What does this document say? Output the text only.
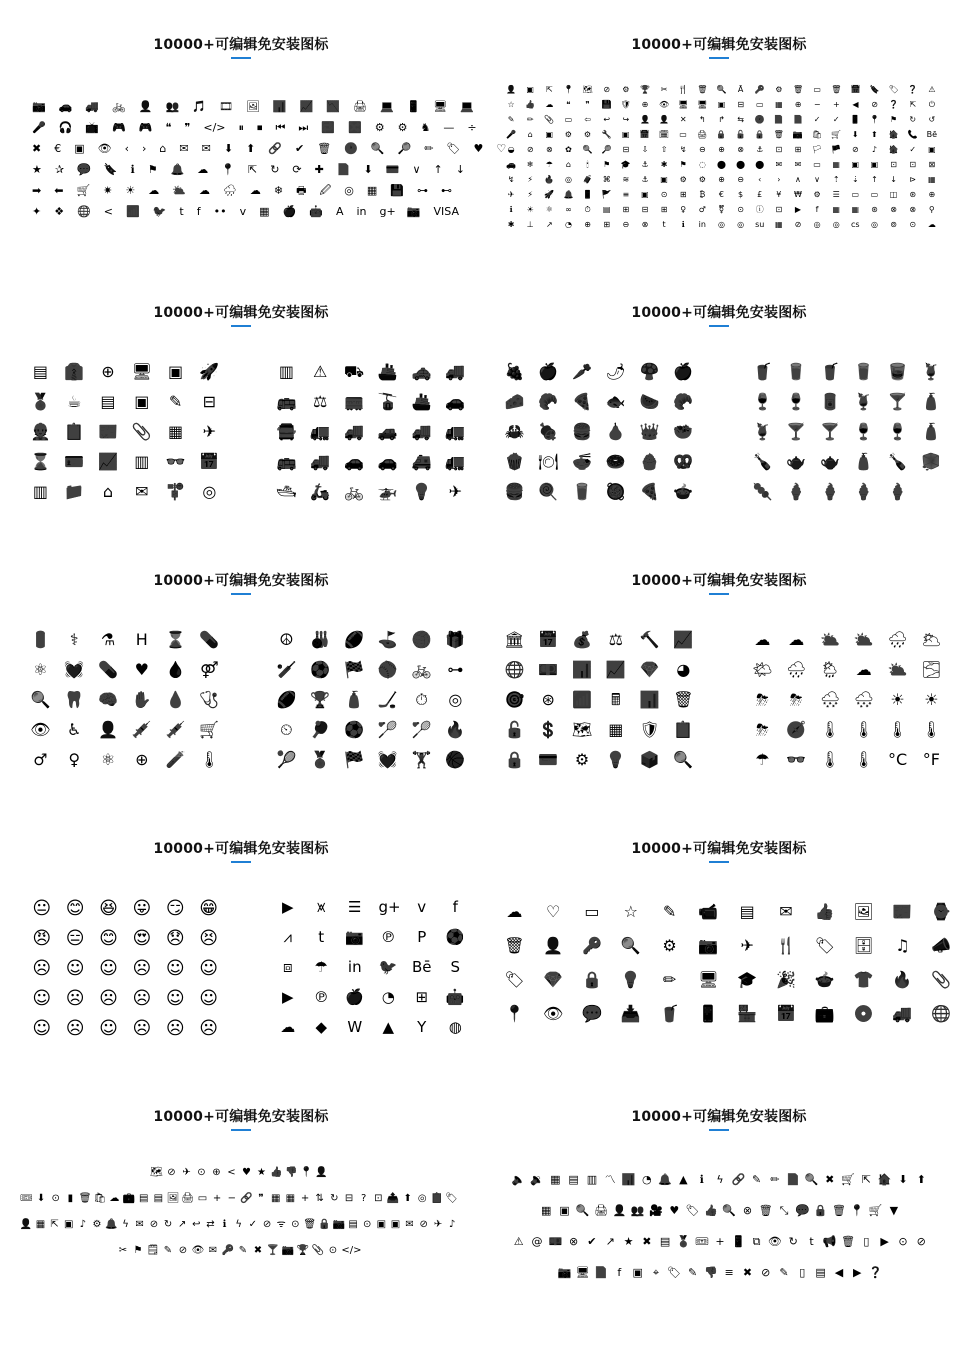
10000+可编辑免安装图标
📷 🚗 🚚 🚲 👤 👥 🎵 🎞 🖼 📊 📈 📉 🖨 💻 📱 🖥 💻
🎤 🎧 📺 🎮 🎮 ❝ ❞ </> ⏸ ⏹ ⏮ ⏭ 🔁 🔀 ⚙ ⚙ ♞ — ÷
✖ € ▣ 👁 ‹ › ⌂ ✉ ✉ ⬇ ⬆ 🔗 ✔ 🗑 🕐 🔍 🔎 ✏ 🏷 ♥ ♡
★ ✰ 💬 🔖 ℹ ⚑ 🔔 ☁ 📍 ⇱ ↻ ⟳ ✚ 📄 ⬇ 💳 ∨ ↑ ↓
➡ ⬅ 🛒 ✷ ☀ ☁ ⛅ ☁ 🌧 ☁ ❄ 🖶 🖉 ◎ ▦ 💾 ⊶ ⊷
✦ ❖ 🌐 < 📶 🐦 t f •• v ▦ 🍎 🤖 A in g+ 📷 VISA
10000+可编辑免安装图标
👤 ▣ ⇱ 📍 🗺 ⊘ ⚙ 🏆 ✂ 🍴 🗑 🔍 Ā 🔑 ⚙ 🗑 ▭ 🗑 📅 🔖 🏷 ❓ ⚠
☆ 👍 ☁	❝	❞	💾 🛡 ⊕ 👁 🖥 🖥 ▣ ⊟ ▭ ▦ ⊕ − + ◀ ⊘ ❓ ⇱ ⏻
✎ ✏ 📎 ▭ ⇦ ↩ ↪ 👤 👤 ✕ ↰ ↱ ⇆ 🕐 📄 📄 ✓ ✓ 📱 📍 ⚑ ↻ ↺
🎤	⌂	▣ ⚙ ⚙ 🔧 ▣ 📅 🗓 ▭ 🖨 🔒 🔓 🔒 🗑 📷 🛍 🛒 ⬇ ⬆ 🏠 📞 Bē
◒ ⊘ ⊗ ✿ 🔍 🔎 ⊟ ⇩ ⇧ ↯ ⊖ ⊕ ⊗ ⚓ ⊡ ⊞ 🏳 🏴 ⊘	♪	🏠 ✓ ▣
🚗 ❄ ☂	⌂	🕯	⚑ 🎓 ⚓ ✱ ⚑ ◌ ⬤ ⬤ ⬤ ✉ ✉ ▭ ▦ ▣ ▣ ⊡ ⊡ ⊠
↯ ⚡ 🔥 ◎ 🧳 ⌘ ≋ ⚓ ▣ ⚙ ⚙ ⊕ ⊖	‹	›	∧ ∨ ⇡ ⇣ ↑ ↓ ⊳ ▦
✈ ⚡ 🚀 🔔 📱 🚩 ≡ ▣ ⊙ ⊞ ₿	€	$	£	¥	₩ ⚙ ☰ ▭ ▭ ◫ ⊛ ⊕
ℹ	☀ ⚛ ∞ ⏱ ▤ ⊞ ⊟ ⊞ ♀ ♂ ⚧ ⊙ ⓘ ⊡ ▶	f	▦ ▦ ⊛ ⊗ ⊗ ⚲
✱ ⊥ ↗ ◔ ⊕ ⊞ ⊖ ⊗	t	ℹ	in ◎ ◎ su ▦ ⊘ ◎ ◎ cs ◎ ⊚ ⊙ ☁
10000+可编辑免安装图标
▤ 👔 ⊕ 🖥 ▣ 🚀
🏅 ☕ ▤ ▣ ✎ ⊟
👷 📋 📰 📎 ▦ ✈
⌛ 🪪 📈 ▥ 👓 📅
▥ 📁	⌂	✉ 🚏 ◎
▥ ⚠ ⛟ 🚢 🚕 🚚
🚌 ⚖ 🚃 🚡 🚢 🚗
🚍 🚛 🚚 🚙 🚚 🚛
🚌 🚚 🚗 🚗 🚑 🚛
🛥 🛵 🚲 🚁 💡 ✈
10000+可编辑免安装图标
🍇 🍎 🥕 🌶 🍄 🍎
🧀 🥐 🍕 🐟 🍉 🥐
🦀 🍖 🍔 🍐 👑 🥗
🍿 🍽 🍜 🍩 🧁 🥨
🍔 🍭 🥛 🥘 🍕 🍲
🥤 🥛 🥤 🥛 🥃 🍹
🍷 🍷 🥫 🍹 🍸 🧴
🍹 🍸 🍸 🍷 🍷 🧴
🍾 🫖 🫖 🧴 🍾 🧊
🍡 🍦 🍦 🍦 🍦
10000+可编辑免安装图标
🔋	⚕	⚗ H ⌛ 💊
⚛ 💓 💊 ♥ 🩸 ⚤
🔍 🦷 🧠 ✋ 💧 🩺
👁 ♿ 👤 💉 💉 🛒
♂ ♀ ⚛ ⊕ 🧪 🌡
☮ 🎳 🏈 ⛳ 🏐 🎁
🏏 ⚽ 🏁 ⚾ 🚲 ⊶
🏈 🏆 🧴 🏒 ⏱ ◎
⏲ 🏓 ⚽ 🏸 🏸 🔥
🎾 🏅 🏁 💓 🏋 🏀
10000+可编辑免安装图标
🏛 📅 💰 ⚖ 🔨 📈
🌐 💵 📊 📈 💎 ◕
🎯 ⊛ 📶	🖩	📊 🗑
🔓 💲 🗺 ▦ 🛡 📋
🔒 💳 ⚙ 💡 📦 🔍
☁ ☁ ⛅ ⛅ 🌧 🌥
🌤 🌧 🌦 ☁ ⛅ 🌫
⛈ ⛈ 🌨 🌨 ☀ ☀
⛈ 🧭 🌡 🌡 🌡 🌡
☂ 👓 🌡 🌡 °C °F
10000+可编辑免安装图标
😐 😊 😆 😛 😏 😁
😠 😑 😊 😍 😞 😣
☹ ☺ ☺ ☹ ☺ ☺
☺ ☹ ☹ ☹ ☺ ☺
☺ ☹ ☺ ☹ ☹ ☹
▶	⩙	☰ g+	v	f
⩘	t	📷 ℗	P	⚽
⧈	☂ in 🐦 Bē	S
▶ ℗ 🍎 ◔ ⊞ 🤖
☁ ◆ W ▲	Y	◍
10000+可编辑免安装图标
☁ ♡ ▭ ☆ ✎ 📹 ▤ ✉ 👍 🖼 📰 ⌚
🗑 👤 🔑 🔍 ⚙ 📷 ✈ 🍴 🏷 🗄 ♫ 📣
🏷 💎 🔒 💡 ✏ 🖥 🎓 🎉 🍲 👕 🔥 📎
📍 👁 💬 📥 🥤 📱 🏪 📅 💼 💿 🚚 🌐
10000+可编辑免安装图标
🗺 ⊘ ✈ ⊙ ⊕ < ♥ ★ 👍 👎 📍 👤
🎟 ⬇ ⊙ ▮ 🗑 🛍 ☁ 💼 ▤ ▤ 🖼 🖨 ▭ + − 🔗 ❞ ▦ ▦ + ⇅ ↻ ⊟ ? ⊡ 📤 ⬆ ◎ 📋 🏷
👤 ▦ ⇱ ▣ ♪ ⚙ 🔔 ϟ ✉ ⊘ ↻ ↗ ↩ ⇄ ℹ ϟ ✓ ⊘ ᯤ ⊙ 🗑 🔒 📷 ▤ ⊙ ▣ ▣ ✉ ⊘ ✈ ♪
✂ ⚑ 🗒 ✎ ⊘ 👁 ✉ 🔑 ✎ ✖ 🍸 📷 🏆 📎 ⊙ </>
10000+可编辑免安装图标
🔈 🔉 ▦ ▤ ▥ 〽 📊 ◔ 🔔 ▲	ℹ	ϟ 🔗 ✎ ✏ 📄 🔍 ✖ 🛒 ⇱ 🏠 ⬇ ⬆
▦ ▣ 🔍 🖨 👤 👥 🎥 ♥ 🏷 👍 🔍 ⊗ 🗑 ⤡ 💬 🔒 🗑 📍 🛒 ▼
⚠ @ 💵 ⊗ ✔ ↗ ★ ✖ ▤ 🏅 🎟 + 📱 ⧉ 👁 ↻	t 📢 🗑 ▯	▶ ⊙ ⊘
📷 🖥 📄 f	▣ ⌖ 🏷 ✎ 👎 ≡ ✖ ⊘ ✎ ▯ ▤ ◀ ▶ ❓
